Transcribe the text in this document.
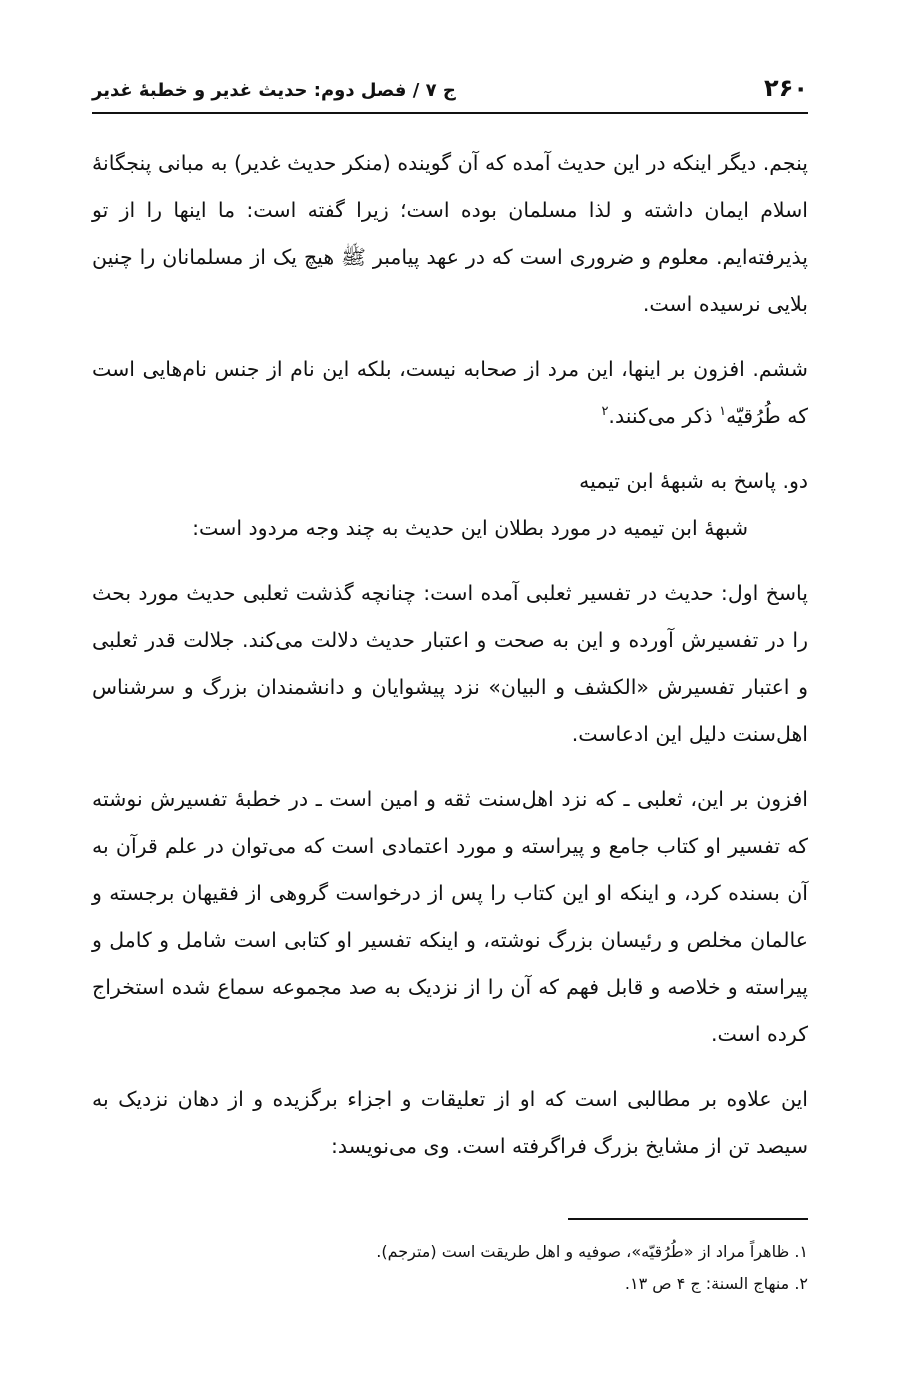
۲۶۰
ج ۷ / فصل دوم: حدیث غدیر و خطبهٔ غدیر

پنجم. دیگر اینکه در این حدیث آمده که آن گوینده (منکر حدیث غدیر) به مبانی پنجگانهٔ اسلام ایمان داشته و لذا مسلمان بوده است؛ زیرا گفته است: ما اینها را از تو پذیرفته‌ایم. معلوم و ضروری است که در عهد پیامبر ﷺ هیچ یک از مسلمانان را چنین بلایی نرسیده است.

ششم. افزون بر اینها، این مرد از صحابه نیست، بلکه این نام از جنس نام‌هایی است که طُرُقیّه$^۱$ ذکر می‌کنند.$^۲$

دو. پاسخ به شبههٔ ابن تیمیه

شبههٔ ابن تیمیه در مورد بطلان این حدیث به چند وجه مردود است:

پاسخ اول: حدیث در تفسیر ثعلبی آمده است: چنانچه گذشت ثعلبی حدیث مورد بحث را در تفسیرش آورده و این به صحت و اعتبار حدیث دلالت می‌کند. جلالت قدر ثعلبی و اعتبار تفسیرش «الکشف و البیان» نزد پیشوایان و دانشمندان بزرگ و سرشناس اهل‌سنت دلیل این ادعاست.

افزون بر این، ثعلبی ـ که نزد اهل‌سنت ثقه و امین است ـ در خطبهٔ تفسیرش نوشته که تفسیر او کتاب جامع و پیراسته و مورد اعتمادی است که می‌توان در علم قرآن به آن بسنده کرد، و اینکه او این کتاب را پس از درخواست گروهی از فقیهان برجسته و عالمان مخلص و رئیسان بزرگ نوشته، و اینکه تفسیر او کتابی است شامل و کامل و پیراسته و خلاصه و قابل فهم که آن را از نزدیک به صد مجموعه سماع شده استخراج کرده است.

این علاوه بر مطالبی است که او از تعلیقات و اجزاء برگزیده و از دهان نزدیک به سیصد تن از مشایخ بزرگ فراگرفته است. وی می‌نویسد:

۱. ظاهراً مراد از «طُرُقیّه»، صوفیه و اهل طریقت است (مترجم).
۲. منهاج السنة: ج ۴ ص ۱۳.
